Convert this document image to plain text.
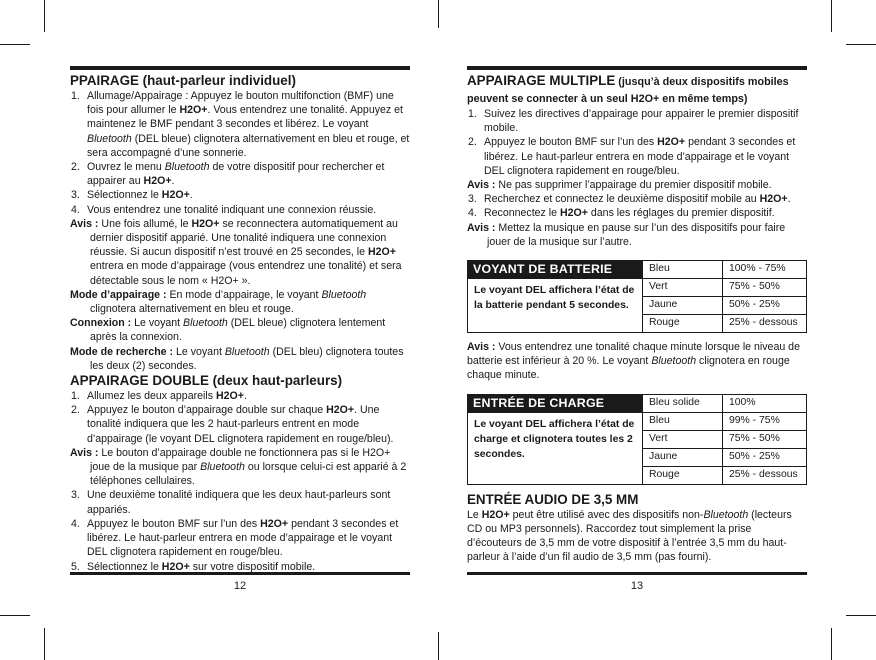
PPAIRAGE (haut-parleur individuel)
1. Allumage/Appairage : Appuyez le bouton multifonction (BMF) une fois pour allumer le H2O+. Vous entendrez une tonalité. Appuyez et maintenez le BMF pendant 3 secondes et libérez. Le voyant Bluetooth (DEL bleue) clignotera alternativement en bleu et rouge, et sera accompagné d’une sonnerie.
2. Ouvrez le menu Bluetooth de votre dispositif pour rechercher et appairer au H2O+.
3. Sélectionnez le H2O+.
4. Vous entendrez une tonalité indiquant une connexion réussie.

Avis : Une fois allumé, le H2O+ se reconnectera automatiquement au dernier dispositif apparié. Une tonalité indiquera une connexion réussie. Si aucun dispositif n’est trouvé en 25 secondes, le H2O+ entrera en mode d’appairage (vous entendrez une tonalité) et sera détectable sous le nom « H2O+ ».

Mode d’appairage : En mode d’appairage, le voyant Bluetooth clignotera alternativement en bleu et rouge.

Connexion : Le voyant Bluetooth (DEL bleue) clignotera lentement après la connexion.

Mode de recherche : Le voyant Bluetooth (DEL bleu) clignotera toutes les deux (2) secondes.

APPAIRAGE DOUBLE (deux haut-parleurs)
1. Allumez les deux appareils H2O+.
2. Appuyez le bouton d’appairage double sur chaque H2O+. Une tonalité indiquera que les 2 haut-parleurs entrent en mode d’appairage (le voyant DEL clignotera rapidement en rouge/bleu).

Avis : Le bouton d’appairage double ne fonctionnera pas si le H2O+ joue de la musique par Bluetooth ou lorsque celui-ci est apparié à 2 téléphones cellulaires.

3. Une deuxième tonalité indiquera que les deux haut-parleurs sont appariés.
4. Appuyez le bouton BMF sur l’un des H2O+ pendant 3 secondes et libérez. Le haut-parleur entrera en mode d’appairage et le voyant DEL clignotera rapidement en rouge/bleu.
5. Sélectionnez le H2O+ sur votre dispositif mobile.
12
APPAIRAGE MULTIPLE (jusqu’à deux dispositifs mobiles peuvent se connecter à un seul H2O+ en même temps)
1. Suivez les directives d’appairage pour appairer le premier dispositif mobile.
2. Appuyez le bouton BMF sur l’un des H2O+ pendant 3 secondes et libérez. Le haut-parleur entrera en mode d’appairage et le voyant DEL clignotera rapidement en rouge/bleu.

Avis : Ne pas supprimer l’appairage du premier dispositif mobile.

3. Recherchez et connectez le deuxième dispositif mobile au H2O+.
4. Reconnectez le H2O+ dans les réglages du premier dispositif.

Avis : Mettez la musique en pause sur l’un des dispositifs pour faire jouer de la musique sur l’autre.

VOYANT DE BATTERIE	Bleu	100% - 75%
Le voyant DEL affichera l’état de la batterie pendant 5 secondes.	Vert	75% - 50%
	Jaune	50% - 25%
	Rouge	25% - dessous

Avis : Vous entendrez une tonalité chaque minute lorsque le niveau de batterie est inférieur à 20 %. Le voyant Bluetooth clignotera en rouge chaque minute.

ENTRÉE DE CHARGE	Bleu solide	100%
Le voyant DEL affichera l’état de charge et clignotera toutes les 2 secondes.	Bleu	99% - 75%
	Vert	75% - 50%
	Jaune	50% - 25%
	Rouge	25% - dessous
ENTRÉE AUDIO DE 3,5 MM

Le H2O+ peut être utilisé avec des dispositifs non-Bluetooth (lecteurs CD ou MP3 personnels). Raccordez tout simplement la prise d’écouteurs de 3,5 mm de votre dispositif à l’entrée 3,5 mm du haut-parleur à l’aide d’un fil audio de 3,5 mm (pas fourni).

13
